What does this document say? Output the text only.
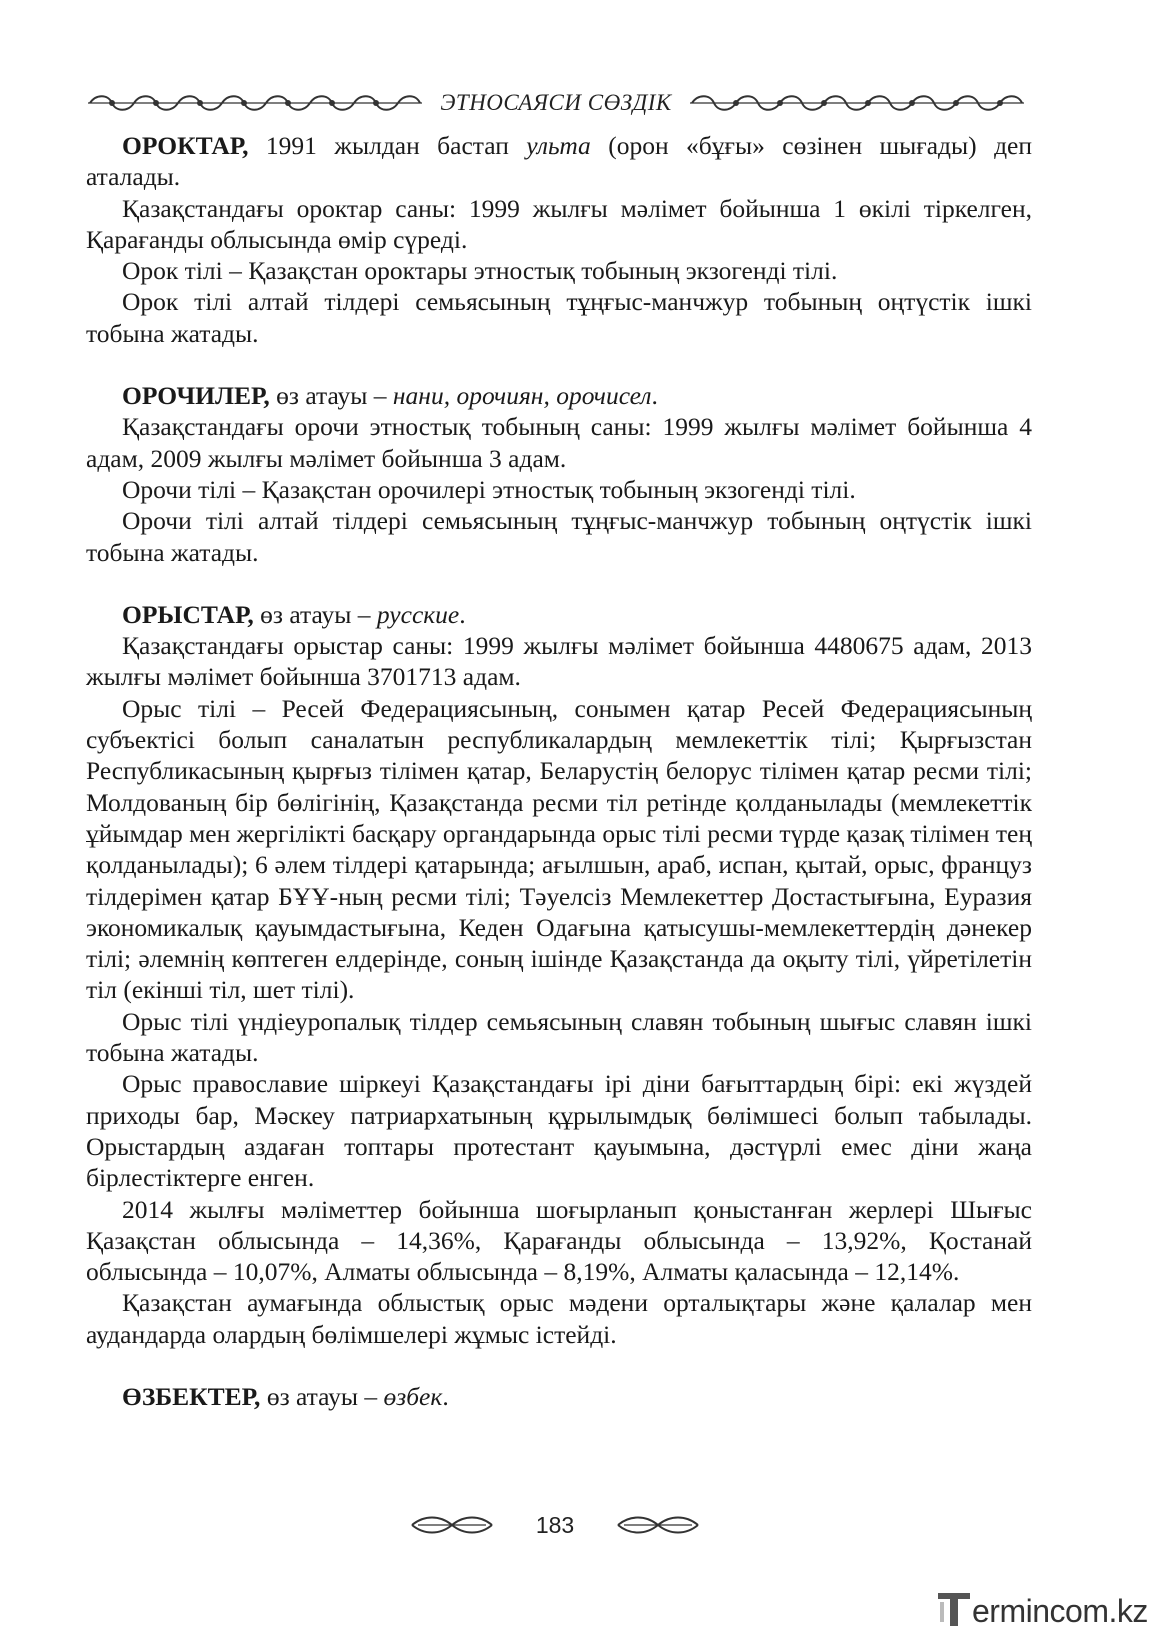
ЭТНОСАЯСИ СӨЗДІК

ОРОКТАР, 1991 жылдан бастап ульта (орон «бұғы» сөзінен шығады) деп аталады.

Қазақстандағы ороктар саны: 1999 жылғы мәлімет бойынша 1 өкілі тіркелген, Қарағанды облысында өмір сүреді.

Орок тілі – Қазақстан ороктары этностық тобының экзогенді тілі.

Орок тілі алтай тілдері семьясының тұңғыс-манчжур тобының оңтүстік ішкі тобына жатады.

ОРОЧИЛЕР, өз атауы – нани, орочиян, орочисел.

Қазақстандағы орочи этностық тобының саны: 1999 жылғы мәлімет бойынша 4 адам, 2009 жылғы мәлімет бойынша 3 адам.

Орочи тілі – Қазақстан орочилері этностық тобының экзогенді тілі.

Орочи тілі алтай тілдері семьясының тұңғыс-манчжур тобының оңтүстік ішкі тобына жатады.

ОРЫСТАР, өз атауы – русские.

Қазақстандағы орыстар саны: 1999 жылғы мәлімет бойынша 4480675 адам, 2013 жылғы мәлімет бойынша 3701713 адам.

Орыс тілі – Ресей Федерациясының, сонымен қатар Ресей Федерациясының субъектісі болып саналатын республикалардың мемлекеттік тілі; Қырғызстан Республикасының қырғыз тілімен қатар, Беларустің белорус тілімен қатар ресми тілі; Молдованың бір бөлігінің, Қазақстанда ресми тіл ретінде қолданылады (мемлекеттік ұйымдар мен жергілікті басқару органдарында орыс тілі ресми түрде қазақ тілімен тең қолданылады); 6 әлем тілдері қатарында; ағылшын, араб, испан, қытай, орыс, француз тілдерімен қатар БҰҰ-ның ресми тілі; Тәуелсіз Мемлекеттер Достастығына, Еуразия экономикалық қауымдастығына, Кеден Одағына қатысушы-мемлекеттердің дәнекер тілі; әлемнің көптеген елдерінде, соның ішінде Қазақстанда да оқыту тілі, үйретілетін тіл (екінші тіл, шет тілі).

Орыс тілі үндіеуропалық тілдер семьясының славян тобының шығыс славян ішкі тобына жатады.

Орыс православие шіркеуі Қазақстандағы ірі діни бағыттардың бірі: екі жүздей приходы бар, Мәскеу патриархатының құрылымдық бөлімшесі болып табылады. Орыстардың аздаған топтары протестант қауымына, дәстүрлі емес діни жаңа бірлестіктерге енген.

2014 жылғы мәліметтер бойынша шоғырланып қоныстанған жерлері Шығыс Қазақстан облысында – 14,36%, Қарағанды облысында – 13,92%, Қостанай облысында – 10,07%, Алматы облысында – 8,19%, Алматы қаласында – 12,14%.

Қазақстан аумағында облыстық орыс мәдени орталықтары және қалалар мен аудандарда олардың бөлімшелері жұмыс істейді.

ӨЗБЕКТЕР, өз атауы – өзбек.

183
ermincom.kz
